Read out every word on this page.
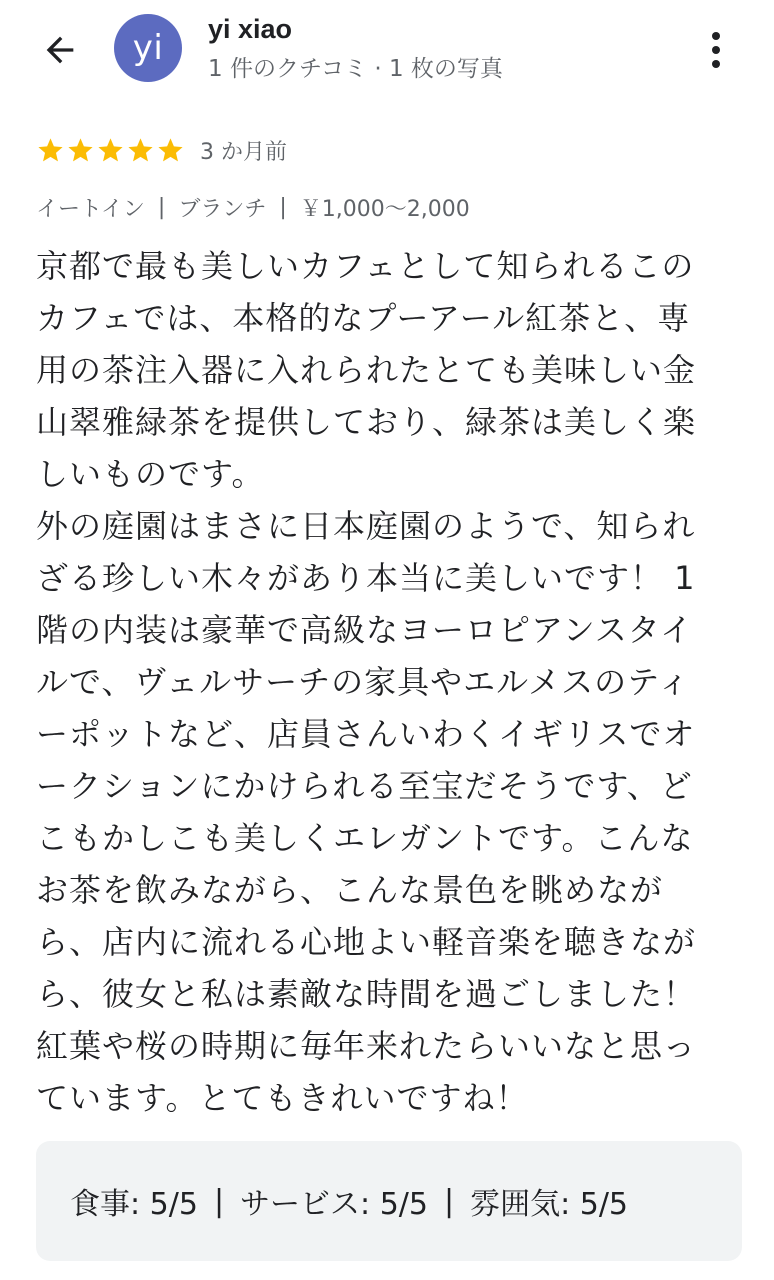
yi yi xiao
1 件のクチコミ · 1 枚の写真
3 か月前
イートイン | ブランチ | ￥1,000〜2,000
京都で最も美しいカフェとして知られるこの
カフェでは、本格的なプーアール紅茶と、専
用の茶注入器に入れられたとても美味しい金
山翠雅緑茶を提供しており、緑茶は美しく楽
しいものです。
外の庭園はまさに日本庭園のようで、知られ
ざる珍しい木々があり本当に美しいです！ 1
階の内装は豪華で高級なヨーロピアンスタイ
ルで、ヴェルサーチの家具やエルメスのティ
ーポットなど、店員さんいわくイギリスでオ
ークションにかけられる至宝だそうです、ど
こもかしこも美しくエレガントです。こんな
お茶を飲みながら、こんな景色を眺めなが
ら、店内に流れる心地よい軽音楽を聴きなが
ら、彼女と私は素敵な時間を過ごしました！
紅葉や桜の時期に毎年来れたらいいなと思っ
ています。とてもきれいですね！
食事: 5/5 | サービス: 5/5 | 雰囲気: 5/5
